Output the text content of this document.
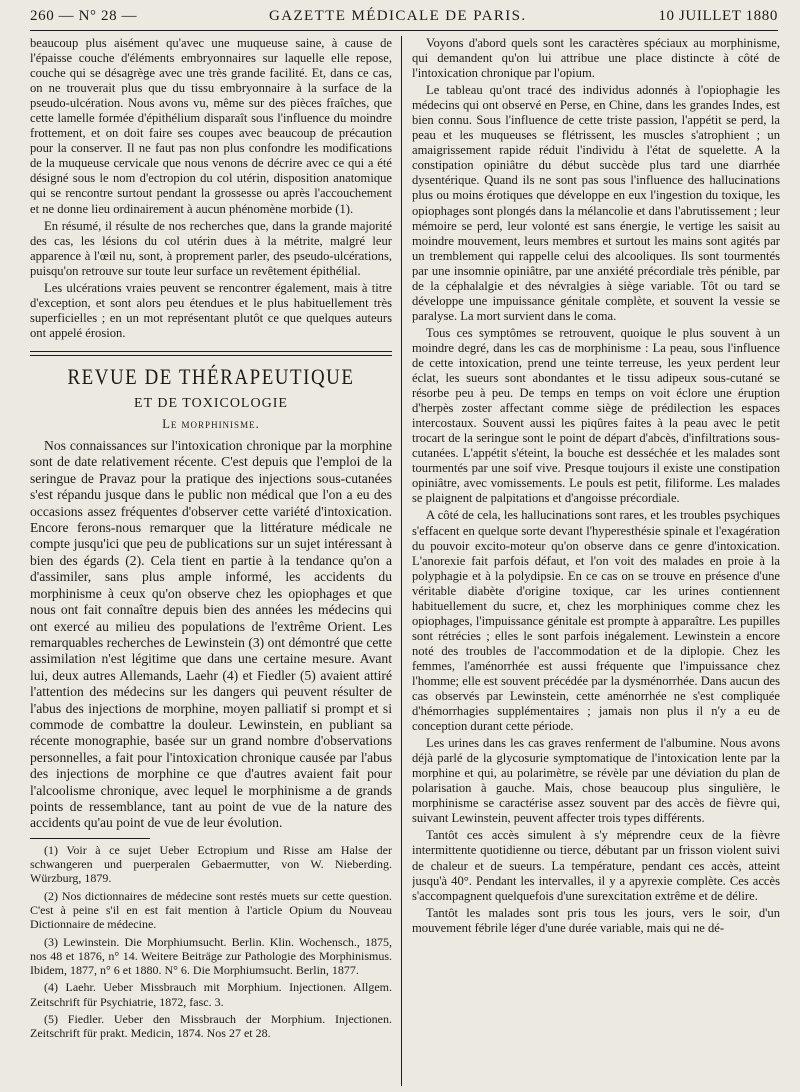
260 — N° 28 —	GAZETTE MÉDICALE DE PARIS.	10 JUILLET 1880

beaucoup plus aisément qu'avec une muqueuse saine, à cause de l'épaisse couche d'éléments embryonnaires sur laquelle elle repose, couche qui se désagrège avec une très grande facilité. Et, dans ce cas, on ne trouverait plus que du tissu embryonnaire à la surface de la pseudo-ulcération. Nous avons vu, même sur des pièces fraîches, que cette lamelle formée d'épithélium disparaît sous l'influence du moindre frottement, et on doit faire ses coupes avec beaucoup de précaution pour la conserver. Il ne faut pas non plus confondre les modifications de la muqueuse cervicale que nous venons de décrire avec ce qui a été désigné sous le nom d'ectropion du col utérin, disposition anatomique qui se rencontre surtout pendant la grossesse ou après l'accouchement et ne donne lieu ordinairement à aucun phénomène morbide (1).

En résumé, il résulte de nos recherches que, dans la grande majorité des cas, les lésions du col utérin dues à la métrite, malgré leur apparence à l'œil nu, sont, à proprement parler, des pseudo-ulcérations, puisqu'on retrouve sur toute leur surface un revêtement épithélial.

Les ulcérations vraies peuvent se rencontrer également, mais à titre d'exception, et sont alors peu étendues et le plus habituellement très superficielles ; en un mot représentant plutôt ce que quelques auteurs ont appelé érosion.

REVUE DE THÉRAPEUTIQUE
ET DE TOXICOLOGIE
Le morphinisme.

Nos connaissances sur l'intoxication chronique par la morphine sont de date relativement récente. C'est depuis que l'emploi de la seringue de Pravaz pour la pratique des injections sous-cutanées s'est répandu jusque dans le public non médical que l'on a eu des occasions assez fréquentes d'observer cette variété d'intoxication. Encore ferons-nous remarquer que la littérature médicale ne compte jusqu'ici que peu de publications sur un sujet intéressant à bien des égards (2). Cela tient en partie à la tendance qu'on a d'assimiler, sans plus ample informé, les accidents du morphinisme à ceux qu'on observe chez les opiophages et que nous ont fait connaître depuis bien des années les médecins qui ont exercé au milieu des populations de l'extrême Orient. Les remarquables recherches de Lewinstein (3) ont démontré que cette assimilation n'est légitime que dans une certaine mesure. Avant lui, deux autres Allemands, Laehr (4) et Fiedler (5) avaient attiré l'attention des médecins sur les dangers qui peuvent résulter de l'abus des injections de morphine, moyen palliatif si prompt et si commode de combattre la douleur. Lewinstein, en publiant sa récente monographie, basée sur un grand nombre d'observations personnelles, a fait pour l'intoxication chronique causée par l'abus des injections de morphine ce que d'autres avaient fait pour l'alcoolisme chronique, avec lequel le morphinisme a de grands points de ressemblance, tant au point de vue de la nature des accidents qu'au point de vue de leur évolution.

(1) Voir à ce sujet Ueber Ectropium und Risse am Halse der schwangeren und puerperalen Gebaermutter, von W. Nieberding. Würzburg, 1879.

(2) Nos dictionnaires de médecine sont restés muets sur cette question. C'est à peine s'il en est fait mention à l'article Opium du Nouveau Dictionnaire de médecine.

(3) Lewinstein. Die Morphiumsucht. Berlin. Klin. Wochensch., 1875, nos 48 et 1876, n° 14. Weitere Beiträge zur Pathologie des Morphinismus. Ibidem, 1877, n° 6 et 1880. N° 6. Die Morphiumsucht. Berlin, 1877.

(4) Laehr. Ueber Missbrauch mit Morphium. Injectionen. Allgem. Zeitschrift für Psychiatrie, 1872, fasc. 3.

(5) Fiedler. Ueber den Missbrauch der Morphium. Injectionen. Zeitschrift für prakt. Medicin, 1874. Nos 27 et 28.

Voyons d'abord quels sont les caractères spéciaux au morphinisme, qui demandent qu'on lui attribue une place distincte à côté de l'intoxication chronique par l'opium.

Le tableau qu'ont tracé des individus adonnés à l'opiophagie les médecins qui ont observé en Perse, en Chine, dans les grandes Indes, est bien connu. Sous l'influence de cette triste passion, l'appétit se perd, la peau et les muqueuses se flétrissent, les muscles s'atrophient ; un amaigrissement rapide réduit l'individu à l'état de squelette. A la constipation opiniâtre du début succède plus tard une diarrhée dysentérique. Quand ils ne sont pas sous l'influence des hallucinations plus ou moins érotiques que développe en eux l'ingestion du toxique, les opiophages sont plongés dans la mélancolie et dans l'abrutissement ; leur mémoire se perd, leur volonté est sans énergie, le vertige les saisit au moindre mouvement, leurs membres et surtout les mains sont agités par un tremblement qui rappelle celui des alcooliques. Ils sont tourmentés par une insomnie opiniâtre, par une anxiété précordiale très pénible, par de la céphalalgie et des névralgies à siège variable. Tôt ou tard se développe une impuissance génitale complète, et souvent la vessie se paralyse. La mort survient dans le coma.

Tous ces symptômes se retrouvent, quoique le plus souvent à un moindre degré, dans les cas de morphinisme : La peau, sous l'influence de cette intoxication, prend une teinte terreuse, les yeux perdent leur éclat, les sueurs sont abondantes et le tissu adipeux sous-cutané se résorbe peu à peu. De temps en temps on voit éclore une éruption d'herpès zoster affectant comme siège de prédilection les espaces intercostaux. Souvent aussi les piqûres faites à la peau avec le petit trocart de la seringue sont le point de départ d'abcès, d'infiltrations sous-cutanées. L'appétit s'éteint, la bouche est desséchée et les malades sont tourmentés par une soif vive. Presque toujours il existe une constipation opiniâtre, avec vomissements. Le pouls est petit, filiforme. Les malades se plaignent de palpitations et d'angoisse précordiale.

A côté de cela, les hallucinations sont rares, et les troubles psychiques s'effacent en quelque sorte devant l'hyperesthésie spinale et l'exagération du pouvoir excito-moteur qu'on observe dans ce genre d'intoxication. L'anorexie fait parfois défaut, et l'on voit des malades en proie à la polyphagie et à la polydipsie. En ce cas on se trouve en présence d'une véritable diabète d'origine toxique, car les urines contiennent habituellement du sucre, et, chez les morphiniques comme chez les opiophages, l'impuissance génitale est prompte à apparaître. Les pupilles sont rétrécies ; elles le sont parfois inégalement. Lewinstein a encore noté des troubles de l'accommodation et de la diplopie. Chez les femmes, l'aménorrhée est aussi fréquente que l'impuissance chez l'homme; elle est souvent précédée par la dysménorrhée. Dans aucun des cas observés par Lewinstein, cette aménorrhée ne s'est compliquée d'hémorrhagies supplémentaires ; jamais non plus il n'y a eu de conception durant cette période.

Les urines dans les cas graves renferment de l'albumine. Nous avons déjà parlé de la glycosurie symptomatique de l'intoxication lente par la morphine et qui, au polarimètre, se révèle par une déviation du plan de polarisation à gauche. Mais, chose beaucoup plus singulière, le morphinisme se caractérise assez souvent par des accès de fièvre qui, suivant Lewinstein, peuvent affecter trois types différents.

Tantôt ces accès simulent à s'y méprendre ceux de la fièvre intermittente quotidienne ou tierce, débutant par un frisson violent suivi de chaleur et de sueurs. La température, pendant ces accès, atteint jusqu'à 40°. Pendant les intervalles, il y a apyrexie complète. Ces accès s'accompagnent quelquefois d'une surexcitation extrême et de délire.

Tantôt les malades sont pris tous les jours, vers le soir, d'un mouvement fébrile léger d'une durée variable, mais qui ne dé-
